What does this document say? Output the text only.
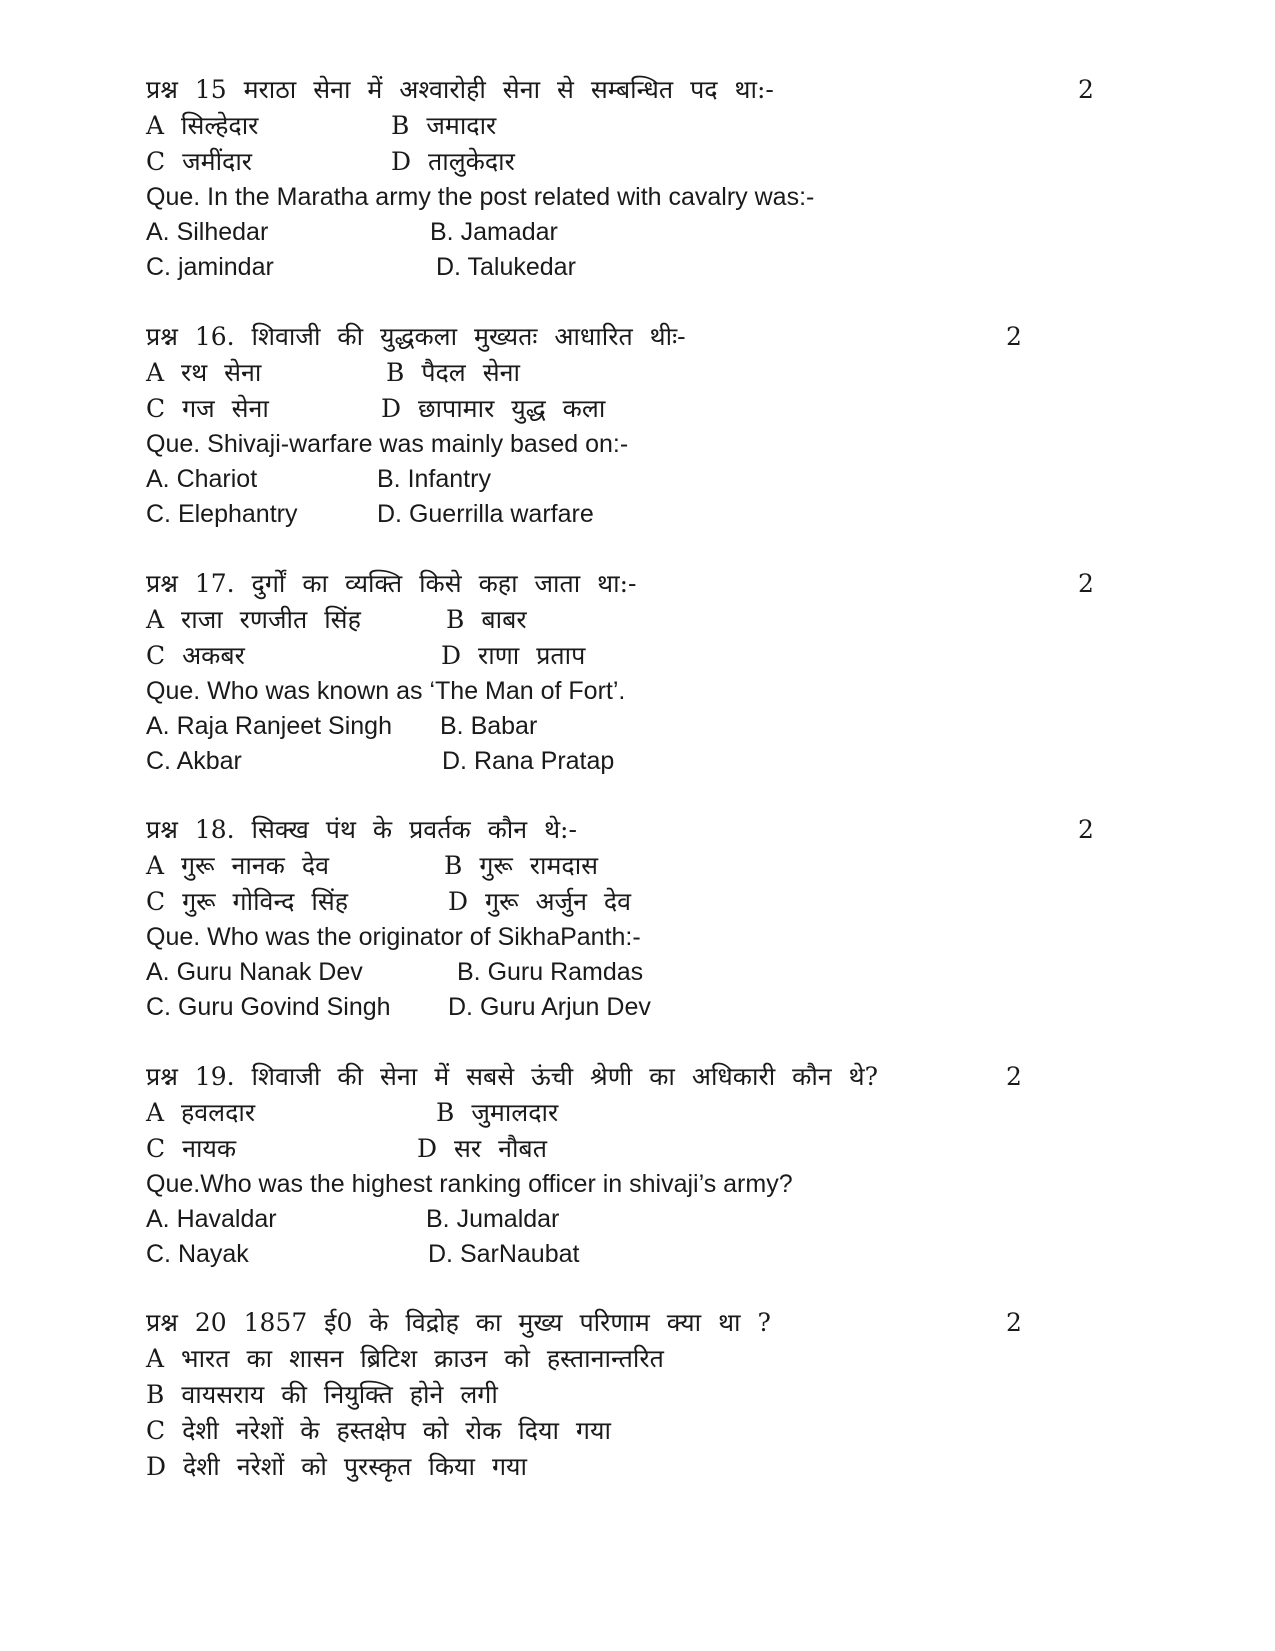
प्रश्न 15 मराठा सेना में अश्वारोही सेना से सम्बन्धित पद था:-	2
A सिल्हेदार	B जमादार
C जमींदार	D तालुकेदार
Que. In the Maratha army the post related with cavalry was:-
A. Silhedar	B. Jamadar
C. jamindar	D. Talukedar
प्रश्न 16. शिवाजी की युद्धकला मुख्यतः आधारित थीः-	2
A रथ सेना	B पैदल सेना
C गज सेना	D छापामार युद्ध कला
Que. Shivaji-warfare was mainly based on:-
A. Chariot	B. Infantry
C. Elephantry	D. Guerrilla warfare
प्रश्न 17. दुर्गों का व्यक्ति किसे कहा जाता था:-	2
A राजा रणजीत सिंह	B बाबर
C अकबर	D राणा प्रताप
Que. Who was known as ‘The Man of Fort’.
A. Raja Ranjeet Singh B. Babar
C. Akbar	D. Rana Pratap
प्रश्न 18. सिक्ख पंथ के प्रवर्तक कौन थे:-	2
A गुरू नानक देव	B गुरू रामदास
C गुरू गोविन्द सिंह	D गुरू अर्जुन देव
Que. Who was the originator of SikhaPanth:-
A. Guru Nanak Dev	B. Guru Ramdas
C. Guru Govind Singh D. Guru Arjun Dev
प्रश्न 19. शिवाजी की सेना में सबसे ऊंची श्रेणी का अधिकारी कौन थे?	2
A हवलदार	B जुमालदार
C नायक	D सर नौबत
Que.Who was the highest ranking officer in shivaji’s army?
A. Havaldar	B. Jumaldar
C. Nayak	D. SarNaubat
प्रश्न 20 1857 ई0 के विद्रोह का मुख्य परिणाम क्या था ?	2
A भारत का शासन ब्रिटिश क्राउन को हस्तानान्तरित
B वायसराय की नियुक्ति होने लगी
C देशी नरेशों के हस्तक्षेप को रोक दिया गया
D देशी नरेशों को पुरस्कृत किया गया
